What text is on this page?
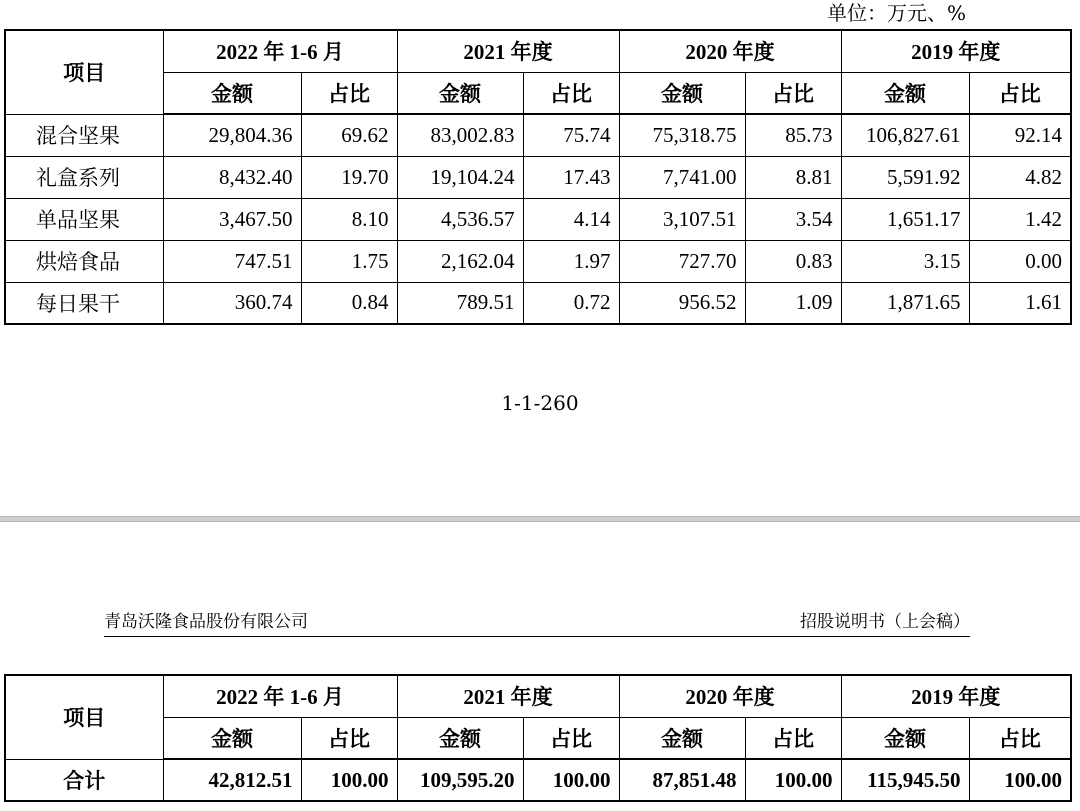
单位：万元、%
项目	2022 年 1-6 月		2021 年度		2020 年度		2019 年度	
	金额	占比	金额	占比	金额	占比	金额	占比
混合坚果	29,804.36	69.62	83,002.83	75.74	75,318.75	85.73	106,827.61	92.14
礼盒系列	8,432.40	19.70	19,104.24	17.43	7,741.00	8.81	5,591.92	4.82
单品坚果	3,467.50	8.10	4,536.57	4.14	3,107.51	3.54	1,651.17	1.42
烘焙食品	747.51	1.75	2,162.04	1.97	727.70	0.83	3.15	0.00
每日果干	360.74	0.84	789.51	0.72	956.52	1.09	1,871.65	1.61
1-1-260
青岛沃隆食品股份有限公司	招股说明书（上会稿）
项目	2022 年 1-6 月		2021 年度		2020 年度		2019 年度	
	金额	占比	金额	占比	金额	占比	金额	占比
合计	42,812.51	100.00	109,595.20	100.00	87,851.48	100.00	115,945.50	100.00
